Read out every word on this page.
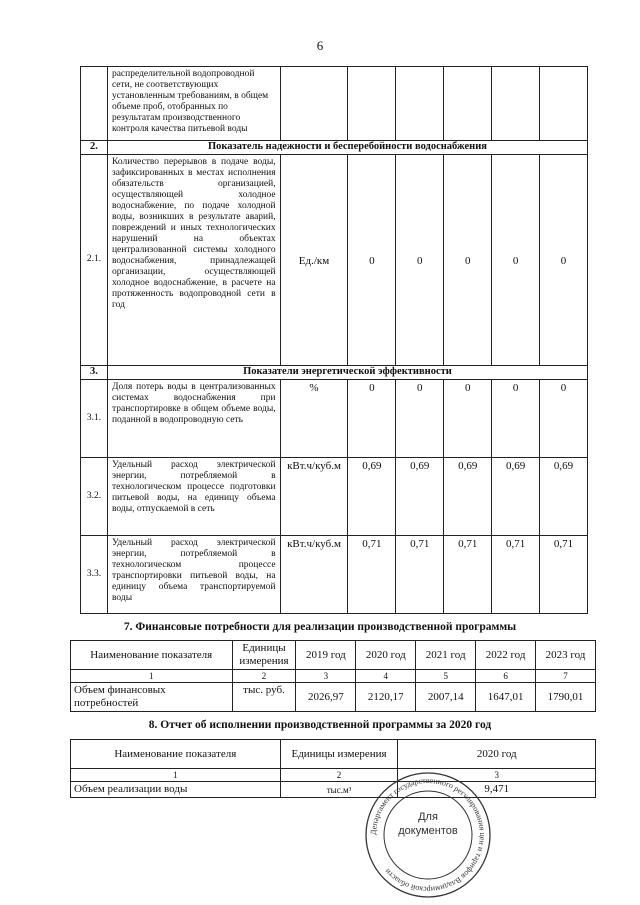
6
	распределительной водопроводной сети, не соответствующих установленным требованиям, в общем объеме проб, отобранных по результатам производственного контроля качества питьевой воды						
2.	Показатель надежности и бесперебойности водоснабжения						
2.1.	Количество перерывов в подаче воды, зафиксированных в местах исполнения обязательств организацией, осуществляющей холодное водоснабжение, по подаче холодной воды, возникших в результате аварий, повреждений и иных технологических нарушений на объектах централизованной системы холодного водоснабжения, принадлежащей организации, осуществляющей холодное водоснабжение, в расчете на протяженность водопроводной сети в год	Ед./км	0	0	0	0	0
3.	Показатели энергетической эффективности						
3.1.	Доля потерь воды в централизованных системах водоснабжения при транспортировке в общем объеме воды, поданной в водопроводную сеть	%	0	0	0	0	0
3.2.	Удельный расход электрической энергии, потребляемой в технологическом процессе подготовки питьевой воды, на единицу объема воды, отпускаемой в сеть	кВт.ч/куб.м	0,69	0,69	0,69	0,69	0,69
3.3.	Удельный расход электрической энергии, потребляемой в технологическом процессе транспортировки питьевой воды, на единицу объема транспортируемой воды	кВт.ч/куб.м	0,71	0,71	0,71	0,71	0,71
7. Финансовые потребности для реализации производственной программы
Наименование показателя	Единицы измерения	2019 год	2020 год	2021 год	2022 год	2023 год
1	2	3	4	5	6	7
Объем финансовых потребностей	тыс. руб.	2026,97	2120,17	2007,14	1647,01	1790,01
8. Отчет об исполнении производственной программы за 2020 год
Наименование показателя	Единицы измерения	2020 год
1	2	3
Объем реализации воды	тыс.м³	9,471
Департамент государственного регулирования цен и тарифов Владимирской области
Для документов
